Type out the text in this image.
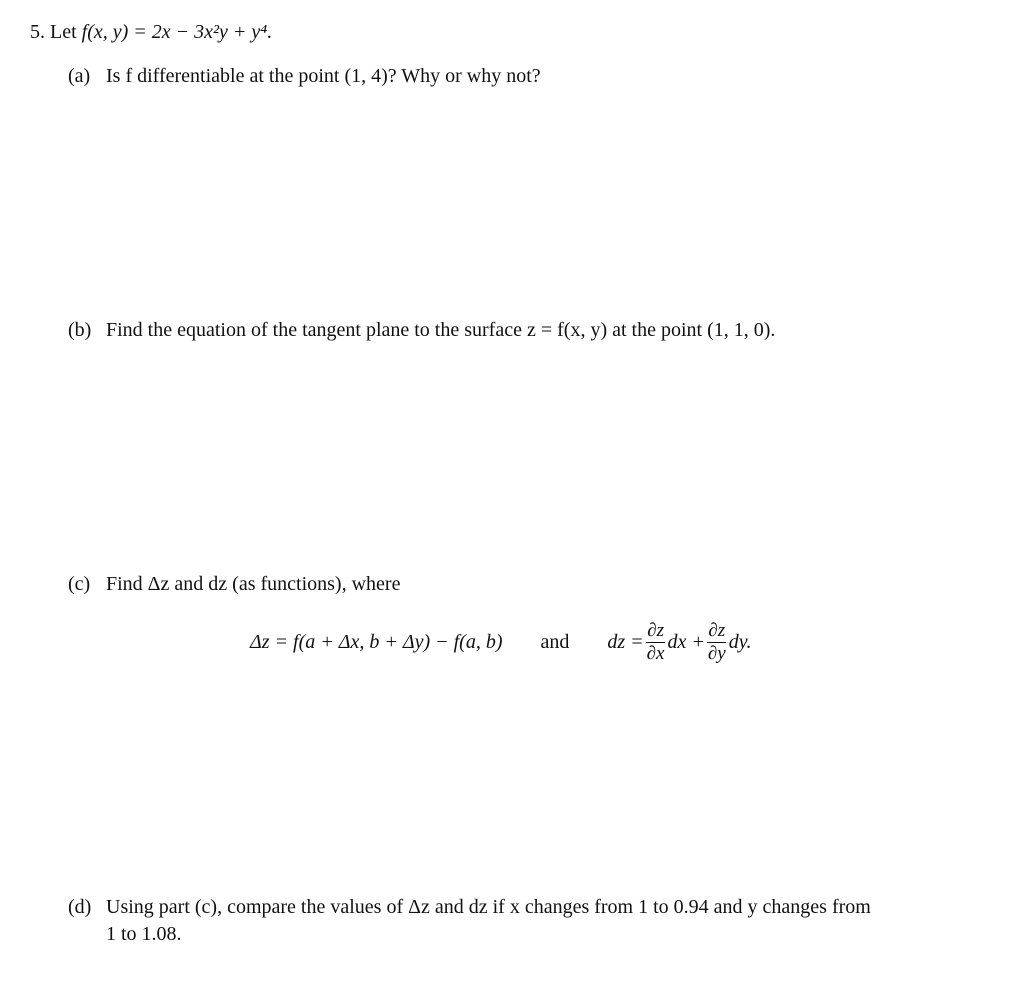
5. Let f(x, y) = 2x − 3x²y + y⁴.
(a) Is f differentiable at the point (1, 4)? Why or why not?
(b) Find the equation of the tangent plane to the surface z = f(x, y) at the point (1, 1, 0).
(c) Find Δz and dz (as functions), where
Δz = f(a + Δx, b + Δy) − f(a, b) and dz = $\frac{\partial z}{\partial x}$ dx + $\frac{\partial z}{\partial y}$ dy.
(d) Using part (c), compare the values of Δz and dz if x changes from 1 to 0.94 and y changes from
1 to 1.08.
